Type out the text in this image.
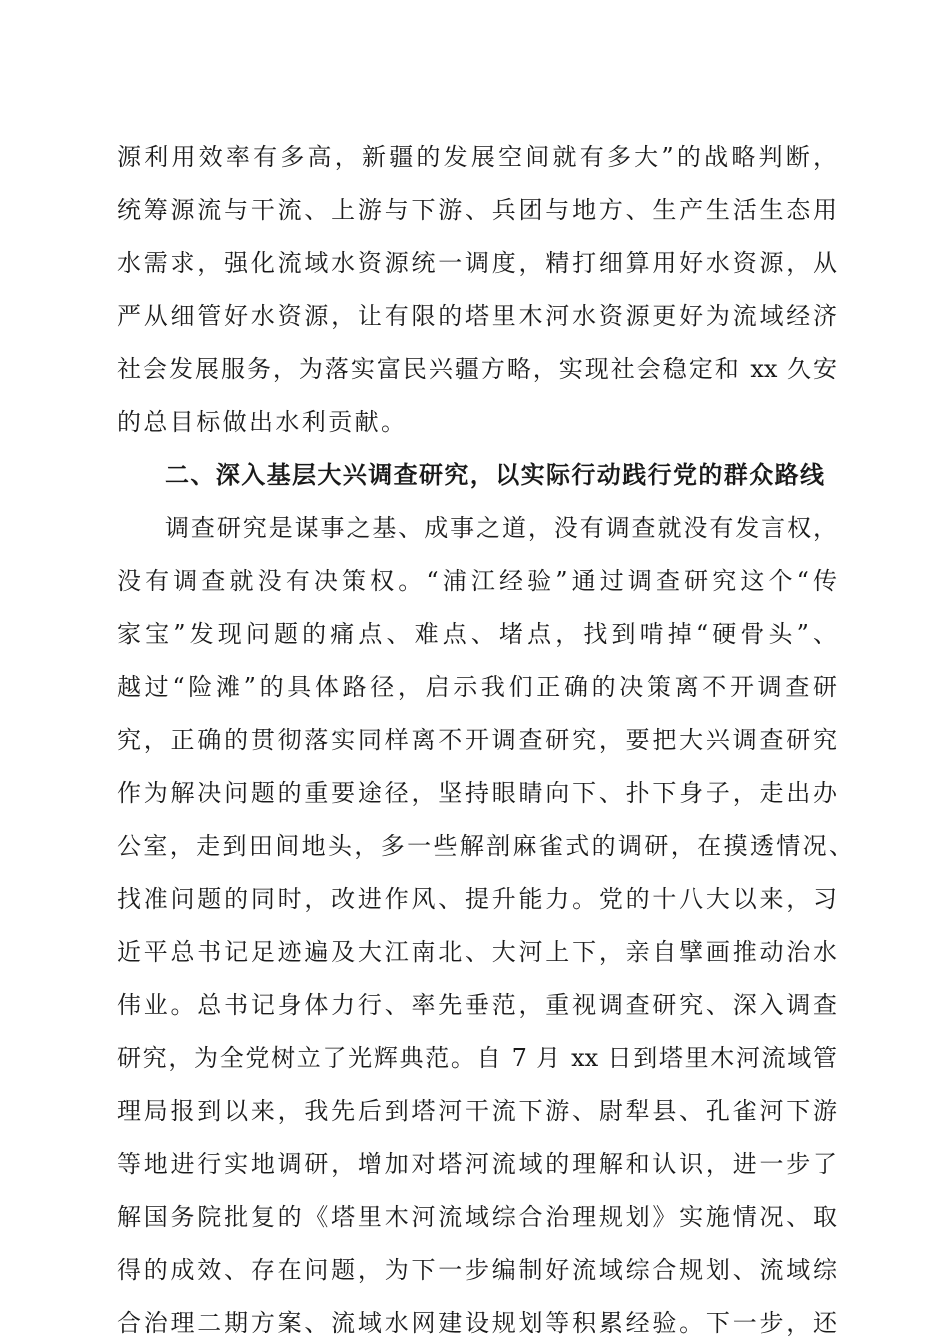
源利用效率有多高，新疆的发展空间就有多大”的战略判断，
统筹源流与干流、上游与下游、兵团与地方、生产生活生态用
水需求，强化流域水资源统一调度，精打细算用好水资源，从
严从细管好水资源，让有限的塔里木河水资源更好为流域经济
社会发展服务，为落实富民兴疆方略，实现社会稳定和 xx 久安
的总目标做出水利贡献。
二、深入基层大兴调查研究，以实际行动践行党的群众路线
调查研究是谋事之基、成事之道，没有调查就没有发言权，
没有调查就没有决策权。“浦江经验”通过调查研究这个“传
家宝”发现问题的痛点、难点、堵点，找到啃掉“硬骨头”、
越过“险滩”的具体路径，启示我们正确的决策离不开调查研
究，正确的贯彻落实同样离不开调查研究，要把大兴调查研究
作为解决问题的重要途径，坚持眼睛向下、扑下身子，走出办
公室，走到田间地头，多一些解剖麻雀式的调研，在摸透情况、
找准问题的同时，改进作风、提升能力。党的十八大以来，习
近平总书记足迹遍及大江南北、大河上下，亲自擘画推动治水
伟业。总书记身体力行、率先垂范，重视调查研究、深入调查
研究，为全党树立了光辉典范。自 7 月 xx 日到塔里木河流域管
理局报到以来，我先后到塔河干流下游、尉犁县、孔雀河下游
等地进行实地调研，增加对塔河流域的理解和认识，进一步了
解国务院批复的《塔里木河流域综合治理规划》实施情况、取
得的成效、存在问题，为下一步编制好流域综合规划、流域综
合治理二期方案、流域水网建设规划等积累经验。下一步，还
